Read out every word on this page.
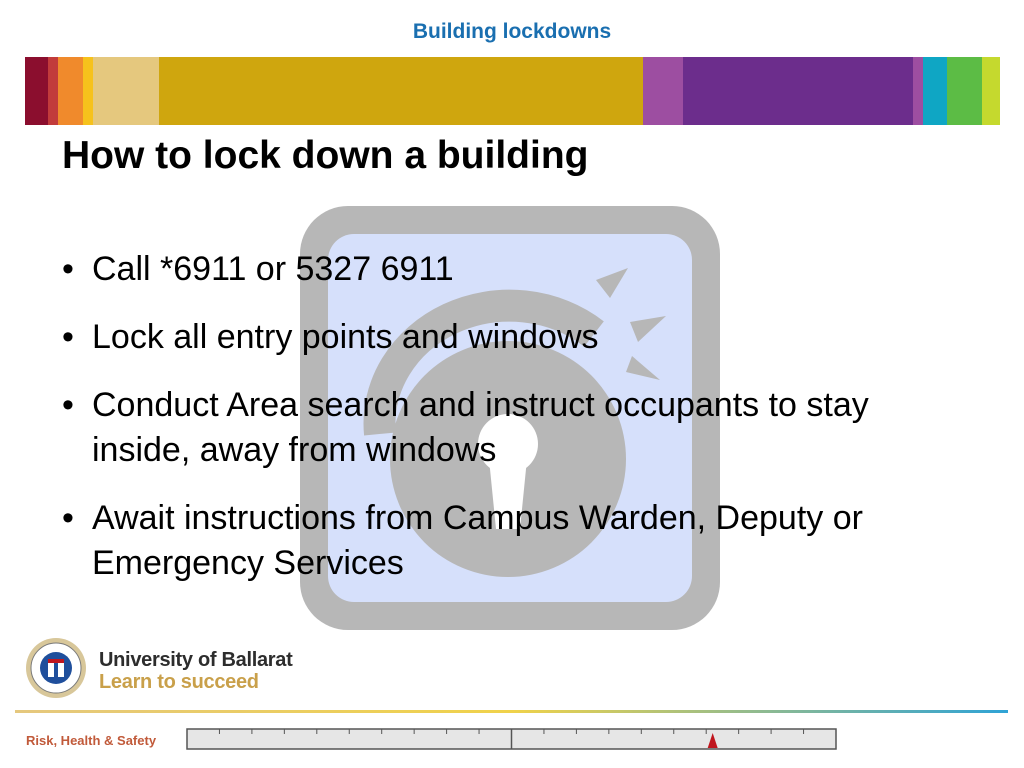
Building lockdowns
How to lock down a building
• Call *6911 or 5327 6911
• Lock all entry points and windows
• Conduct Area search and instruct occupants to stay inside, away from windows
• Await instructions from Campus Warden, Deputy or Emergency Services
University of Ballarat
Learn to succeed
Risk, Health & Safety
